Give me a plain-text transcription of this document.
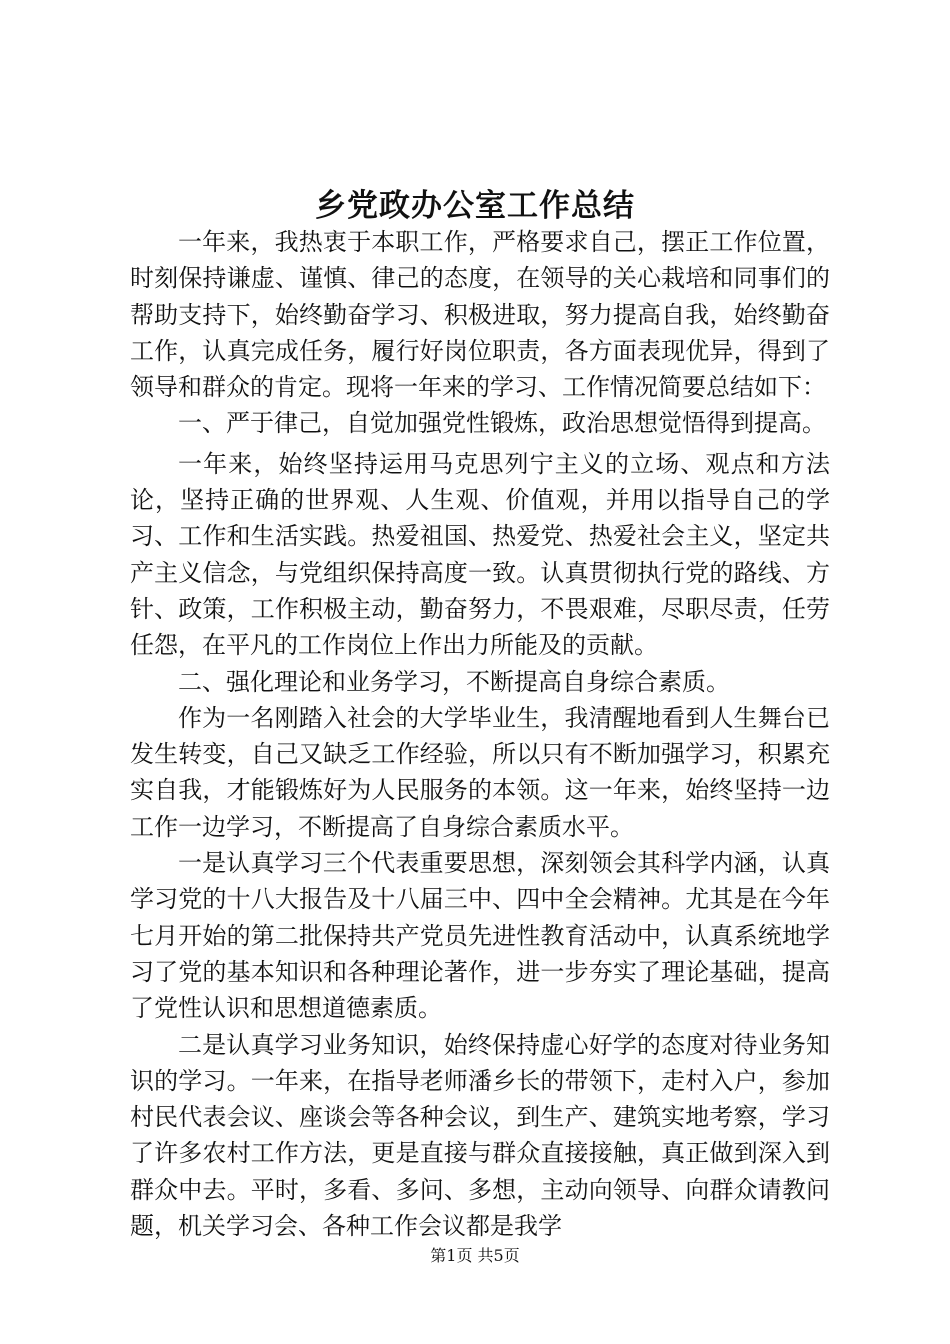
乡党政办公室工作总结

一年来，我热衷于本职工作，严格要求自己，摆正工作位置，时刻保持谦虚、谨慎、律己的态度，在领导的关心栽培和同事们的帮助支持下，始终勤奋学习、积极进取，努力提高自我，始终勤奋工作，认真完成任务，履行好岗位职责，各方面表现优异，得到了领导和群众的肯定。现将一年来的学习、工作情况简要总结如下：

一、严于律己，自觉加强党性锻炼，政治思想觉悟得到提高。

一年来，始终坚持运用马克思列宁主义的立场、观点和方法论，坚持正确的世界观、人生观、价值观，并用以指导自己的学习、工作和生活实践。热爱祖国、热爱党、热爱社会主义，坚定共产主义信念，与党组织保持高度一致。认真贯彻执行党的路线、方针、政策，工作积极主动，勤奋努力，不畏艰难，尽职尽责，任劳任怨，在平凡的工作岗位上作出力所能及的贡献。

二、强化理论和业务学习，不断提高自身综合素质。

作为一名刚踏入社会的大学毕业生，我清醒地看到人生舞台已发生转变，自己又缺乏工作经验，所以只有不断加强学习，积累充实自我，才能锻炼好为人民服务的本领。这一年来，始终坚持一边工作一边学习，不断提高了自身综合素质水平。

一是认真学习三个代表重要思想，深刻领会其科学内涵，认真学习党的十八大报告及十八届三中、四中全会精神。尤其是在今年七月开始的第二批保持共产党员先进性教育活动中，认真系统地学习了党的基本知识和各种理论著作，进一步夯实了理论基础，提高了党性认识和思想道德素质。

二是认真学习业务知识，始终保持虚心好学的态度对待业务知识的学习。一年来，在指导老师潘乡长的带领下，走村入户，参加村民代表会议、座谈会等各种会议，到生产、建筑实地考察，学习了许多农村工作方法，更是直接与群众直接接触，真正做到深入到群众中去。平时，多看、多问、多想，主动向领导、向群众请教问题，机关学习会、各种工作会议都是我学

第1页 共5页
